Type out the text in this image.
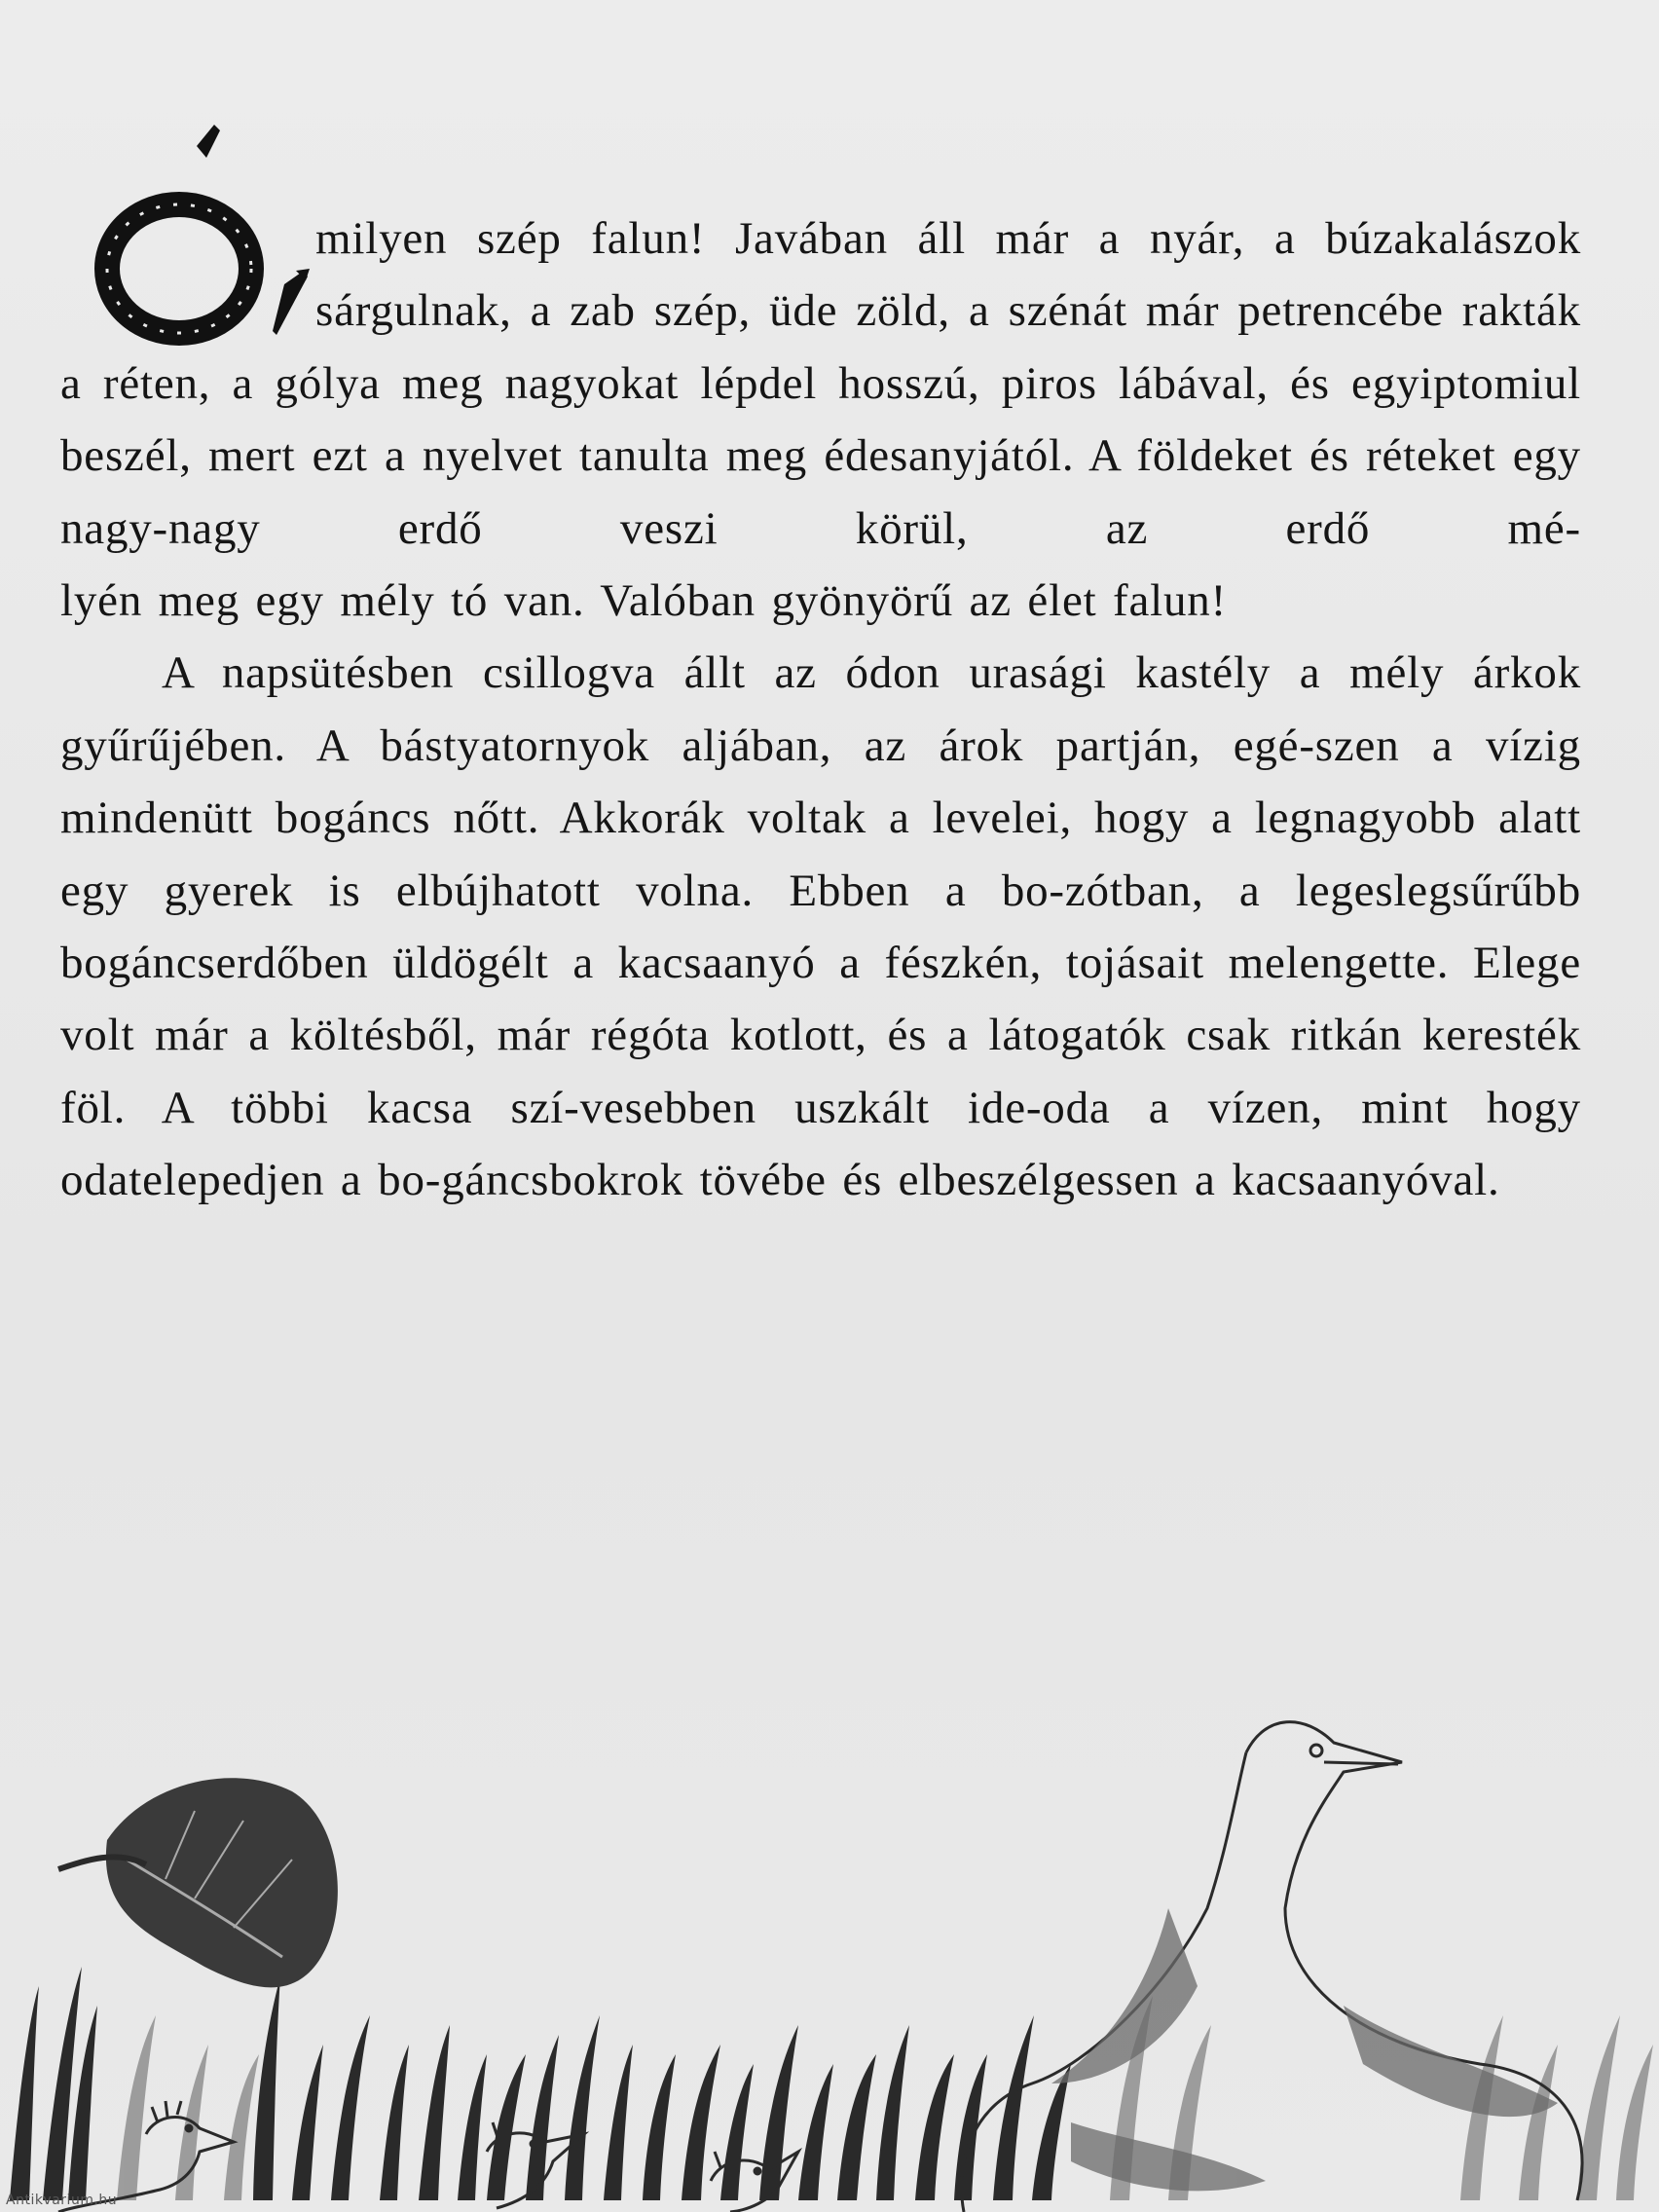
milyen szép falun! Javában áll már a nyár, a búzakalászok sárgulnak, a zab szép, üde zöld, a szénát már petrencébe rakták a réten, a gólya meg nagyokat lépdel hosszú, piros lábával, és egyiptomiul beszél, mert ezt a nyelvet tanulta meg édesanyjától. A földeket és réteket egy nagy-nagy erdő veszi körül, az erdő mé-
lyén meg egy mély tó van. Valóban gyönyörű az élet falun!

A napsütésben csillogva állt az ódon urasági kastély a mély árkok gyűrűjében. A bástyatornyok aljában, az árok partján, egé-szen a vízig mindenütt bogáncs nőtt. Akkorák voltak a levelei, hogy a legnagyobb alatt egy gyerek is elbújhatott volna. Ebben a bo-zótban, a legeslegsűrűbb bogáncserdőben üldögélt a kacsaanyó a fészkén, tojásait melengette. Elege volt már a költésből, már régóta kotlott, és a látogatók csak ritkán keresték föl. A többi kacsa szí-vesebben uszkált ide-oda a vízen, mint hogy odatelepedjen a bo-gáncsbokrok tövébe és elbeszélgessen a kacsaanyóval.

Antikvarium.hu
